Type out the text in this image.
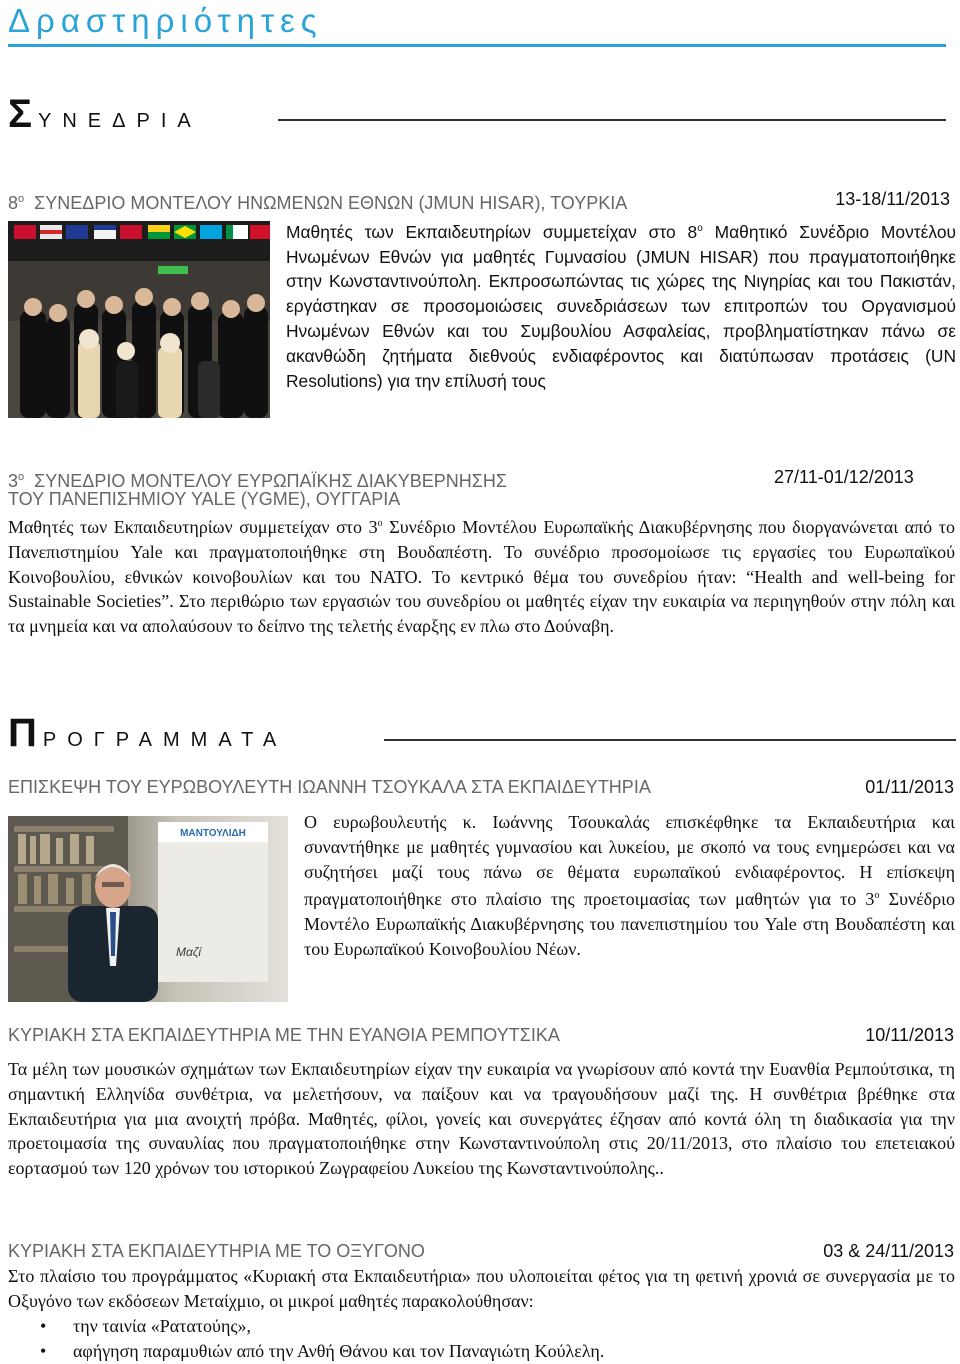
Δραστηριότητες
ΣΥΝΕΔΡΙΑ
$8^o$ ΣΥΝΕΔΡΙΟ ΜΟΝΤΕΛΟΥ ΗΝΩΜΕΝΩΝ ΕΘΝΩΝ (JMUN HISAR), ΤΟΥΡΚΙΑ	13-18/11/2013

Μαθητές των Εκπαιδευτηρίων συμμετείχαν στο $8^o$ Μαθητικό Συνέδριο Μοντέλου Ηνωμένων Εθνών για μαθητές Γυμνασίου (JMUN HISAR) που πραγματοποιήθηκε στην Κωνσταντινούπολη. Εκπροσωπώντας τις χώρες της Νιγηρίας και του Πακιστάν, εργάστηκαν σε προσομοιώσεις συνεδριάσεων των επιτροπών του Οργανισμού Ηνωμένων Εθνών και του Συμβουλίου Ασφαλείας, προβληματίστηκαν πάνω σε ακανθώδη ζητήματα διεθνούς ενδιαφέροντος και διατύπωσαν προτάσεις (UN Resolutions) για την επίλυσή τους

$3^o$ ΣΥΝΕΔΡΙΟ ΜΟΝΤΕΛΟΥ ΕΥΡΩΠΑΪΚΗΣ ΔΙΑΚΥΒΕΡΝΗΣΗΣ	27/11-01/12/2013
ΤΟΥ ΠΑΝΕΠΙΣΗΜΙΟΥ YALE (YGME), ΟΥΓΓΑΡΙΑ

Μαθητές των Εκπαιδευτηρίων συμμετείχαν στο $3^o$ Συνέδριο Μοντέλου Ευρωπαϊκής Διακυβέρνησης που διοργανώνεται από το Πανεπιστημίου Yale και πραγματοποιήθηκε στη Βουδαπέστη. Το συνέδριο προσομοίωσε τις εργασίες του Ευρωπαϊκού Κοινοβουλίου, εθνικών κοινοβουλίων και του NATO. Το κεντρικό θέμα του συνεδρίου ήταν: “Health and well-being for Sustainable Societies”. Στο περιθώριο των εργασιών του συνεδρίου οι μαθητές είχαν την ευκαιρία να περιηγηθούν στην πόλη και τα μνημεία και να απολαύσουν το δείπνο της τελετής έναρξης εν πλω στο Δούναβη.

ΠΡΟΓΡΑΜΜΑΤΑ
ΕΠΙΣΚΕΨΗ ΤΟΥ ΕΥΡΩΒΟΥΛΕΥΤΗ ΙΩΑΝΝΗ ΤΣΟΥΚΑΛΑ ΣΤΑ ΕΚΠΑΙΔΕΥΤΗΡΙΑ	01/11/2013
ΜΑΝΤΟΥΛΙΔΗ
Μαζί

Ο ευρωβουλευτής κ. Ιωάννης Τσουκαλάς επισκέφθηκε τα Εκπαιδευτήρια και συναντήθηκε με μαθητές γυμνασίου και λυκείου, με σκοπό να τους ενημερώσει και να συζητήσει μαζί τους πάνω σε θέματα ευρωπαϊκού ενδιαφέροντος. Η επίσκεψη πραγματοποιήθηκε στο πλαίσιο της προετοιμασίας των μαθητών για το $3^o$ Συνέδριο Μοντέλο Ευρωπαϊκής Διακυβέρνησης του πανεπιστημίου του Yale στη Βουδαπέστη και του Ευρωπαϊκού Κοινοβουλίου Νέων.

ΚΥΡΙΑΚΗ ΣΤΑ ΕΚΠΑΙΔΕΥΤΗΡΙΑ ΜΕ ΤΗΝ ΕΥΑΝΘΙΑ ΡΕΜΠΟΥΤΣΙΚΑ	10/11/2013

Τα μέλη των μουσικών σχημάτων των Εκπαιδευτηρίων είχαν την ευκαιρία να γνωρίσουν από κοντά την Ευανθία Ρεμπούτσικα, τη σημαντική Ελληνίδα συνθέτρια, να μελετήσουν, να παίξουν και να τραγουδήσουν μαζί της. Η συνθέτρια βρέθηκε στα Εκπαιδευτήρια για μια ανοιχτή πρόβα. Μαθητές, φίλοι, γονείς και συνεργάτες έζησαν από κοντά όλη τη διαδικασία για την προετοιμασία της συναυλίας που πραγματοποιήθηκε στην Κωνσταντινούπολη στις 20/11/2013, στο πλαίσιο του επετειακού εορτασμού των 120 χρόνων του ιστορικού Ζωγραφείου Λυκείου της Κωνσταντινούπολης..

ΚΥΡΙΑΚΗ ΣΤΑ ΕΚΠΑΙΔΕΥΤΗΡΙΑ ΜΕ ΤΟ ΟΞΥΓΟΝΟ	03 & 24/11/2013

Στο πλαίσιο του προγράμματος «Κυριακή στα Εκπαιδευτήρια» που υλοποιείται φέτος για τη φετινή χρονιά σε συνεργασία με το Οξυγόνο των εκδόσεων Μεταίχμιο, οι μικροί μαθητές παρακολούθησαν:

• την ταινία «Ρατατούης»,
• αφήγηση παραμυθιών από την Ανθή Θάνου και τον Παναγιώτη Κούλελη.
